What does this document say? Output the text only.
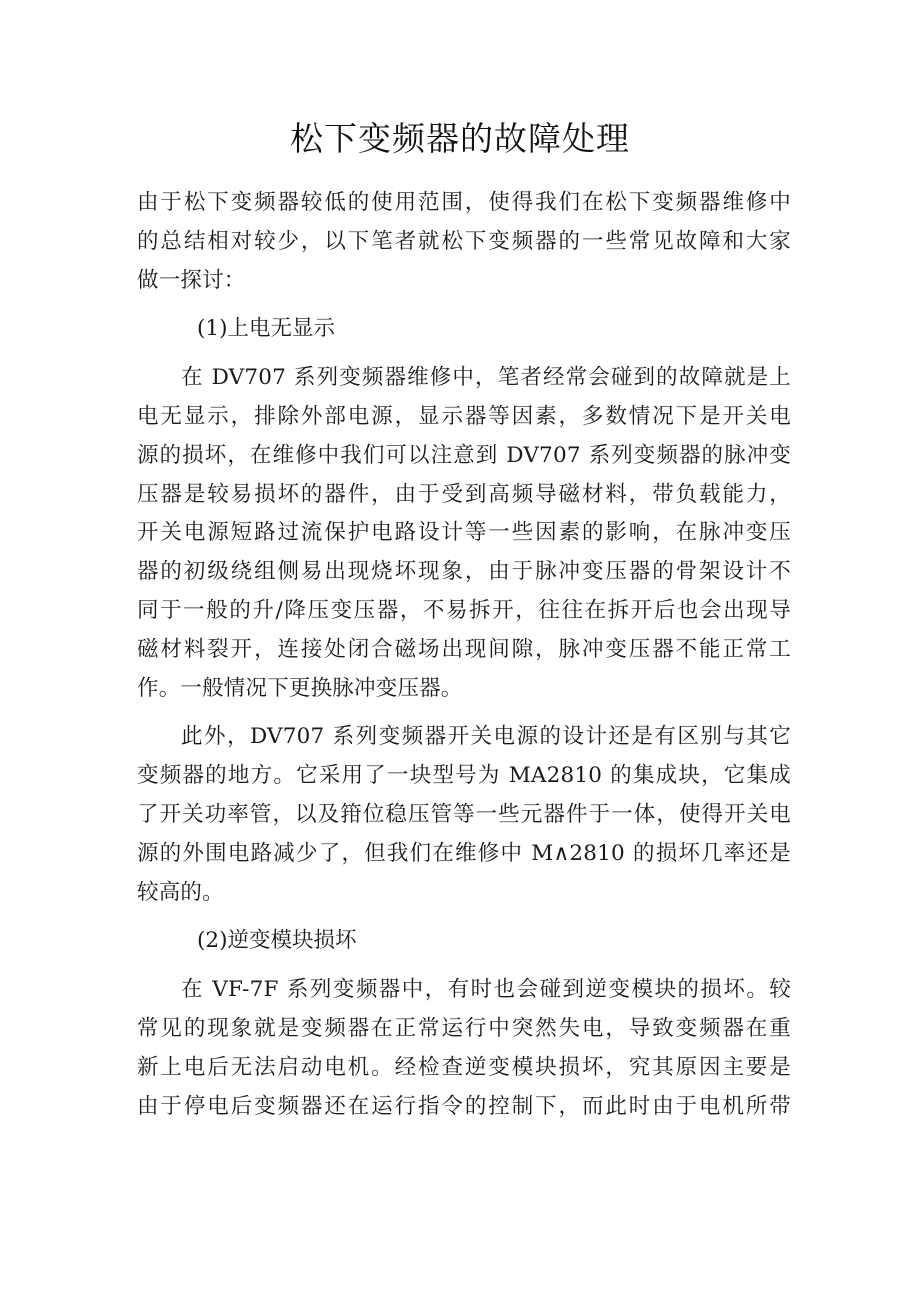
松下变频器的故障处理
由于松下变频器较低的使用范围，使得我们在松下变频器维修中
的总结相对较少，以下笔者就松下变频器的一些常见故障和大家
做一探讨：
(1)上电无显示
在 DV707 系列变频器维修中，笔者经常会碰到的故障就是上
电无显示，排除外部电源，显示器等因素，多数情况下是开关电
源的损坏，在维修中我们可以注意到 DV707 系列变频器的脉冲变
压器是较易损坏的器件，由于受到高频导磁材料，带负载能力，
开关电源短路过流保护电路设计等一些因素的影响，在脉冲变压
器的初级绕组侧易出现烧坏现象，由于脉冲变压器的骨架设计不
同于一般的升/降压变压器，不易拆开，往往在拆开后也会出现导
磁材料裂开，连接处闭合磁场出现间隙，脉冲变压器不能正常工
作。一般情况下更换脉冲变压器。
此外，DV707 系列变频器开关电源的设计还是有区别与其它
变频器的地方。它采用了一块型号为 MA2810 的集成块，它集成
了开关功率管，以及箝位稳压管等一些元器件于一体，使得开关电
源的外围电路减少了，但我们在维修中 M∧2810 的损坏几率还是
较高的。
(2)逆变模块损坏
在 VF-7F 系列变频器中，有时也会碰到逆变模块的损坏。较
常见的现象就是变频器在正常运行中突然失电，导致变频器在重
新上电后无法启动电机。经检查逆变模块损坏，究其原因主要是
由于停电后变频器还在运行指令的控制下，而此时由于电机所带
